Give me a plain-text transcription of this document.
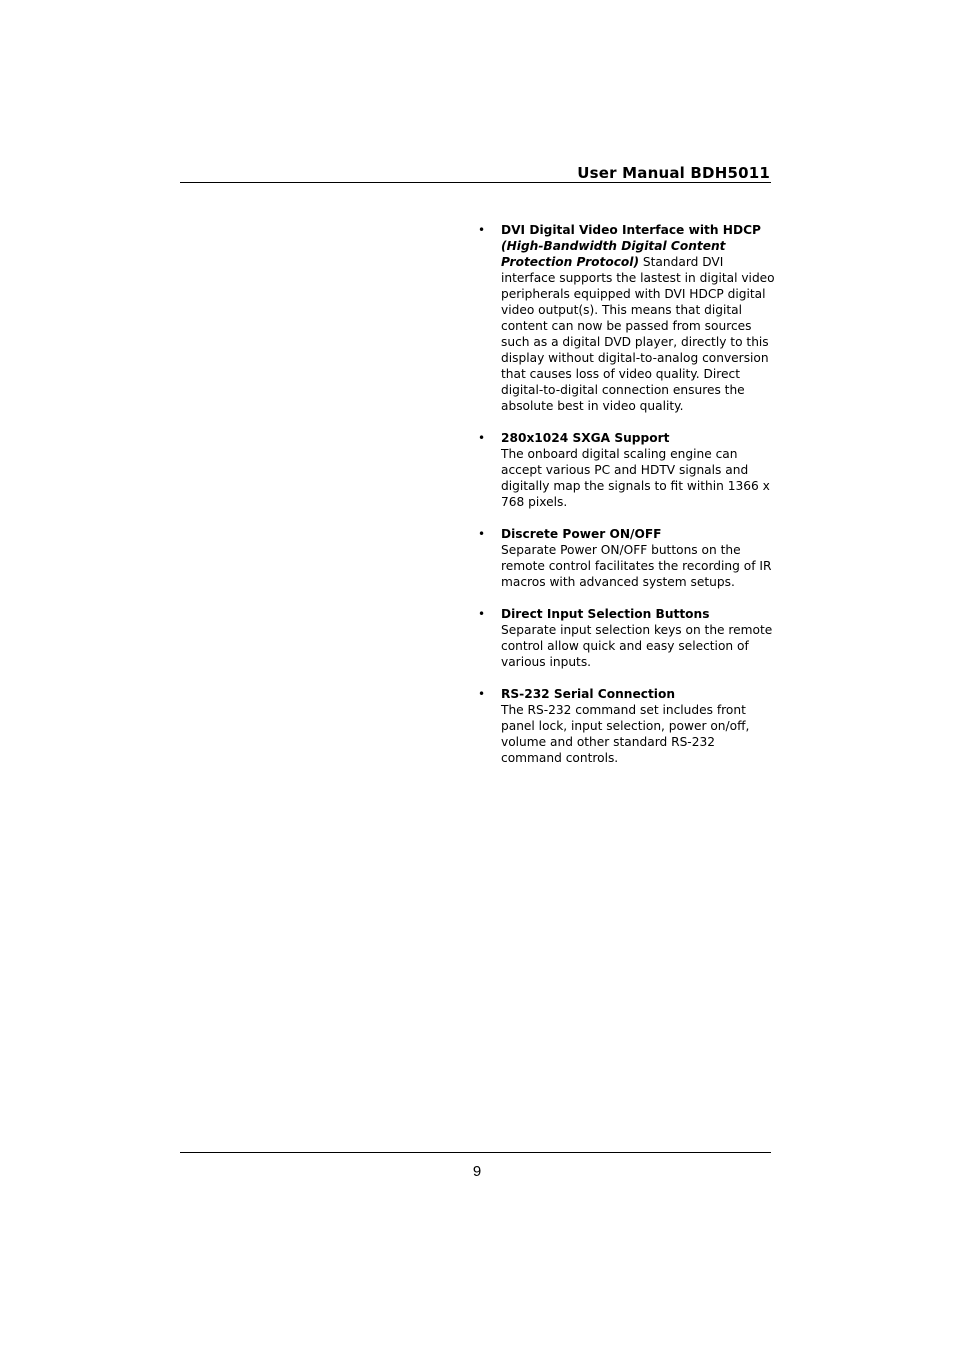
User Manual BDH5011
• DVI Digital Video Interface with HDCP
(High-Bandwidth Digital Content Protection Protocol) Standard DVI interface supports the lastest in digital video peripherals equipped with DVI HDCP digital video output(s). This means that digital content can now be passed from sources such as a digital DVD player, directly to this display without digital-to-analog conversion that causes loss of video quality. Direct digital-to-digital connection ensures the absolute best in video quality.
• 280x1024 SXGA Support
The onboard digital scaling engine can accept various PC and HDTV signals and digitally map the signals to fit within 1366 x 768 pixels.
• Discrete Power ON/OFF
Separate Power ON/OFF buttons on the remote control facilitates the recording of IR macros with advanced system setups.
• Direct Input Selection Buttons
Separate input selection keys on the remote control allow quick and easy selection of various inputs.
• RS-232 Serial Connection
The RS-232 command set includes front panel lock, input selection, power on/off, volume and other standard RS-232 command controls.
9
